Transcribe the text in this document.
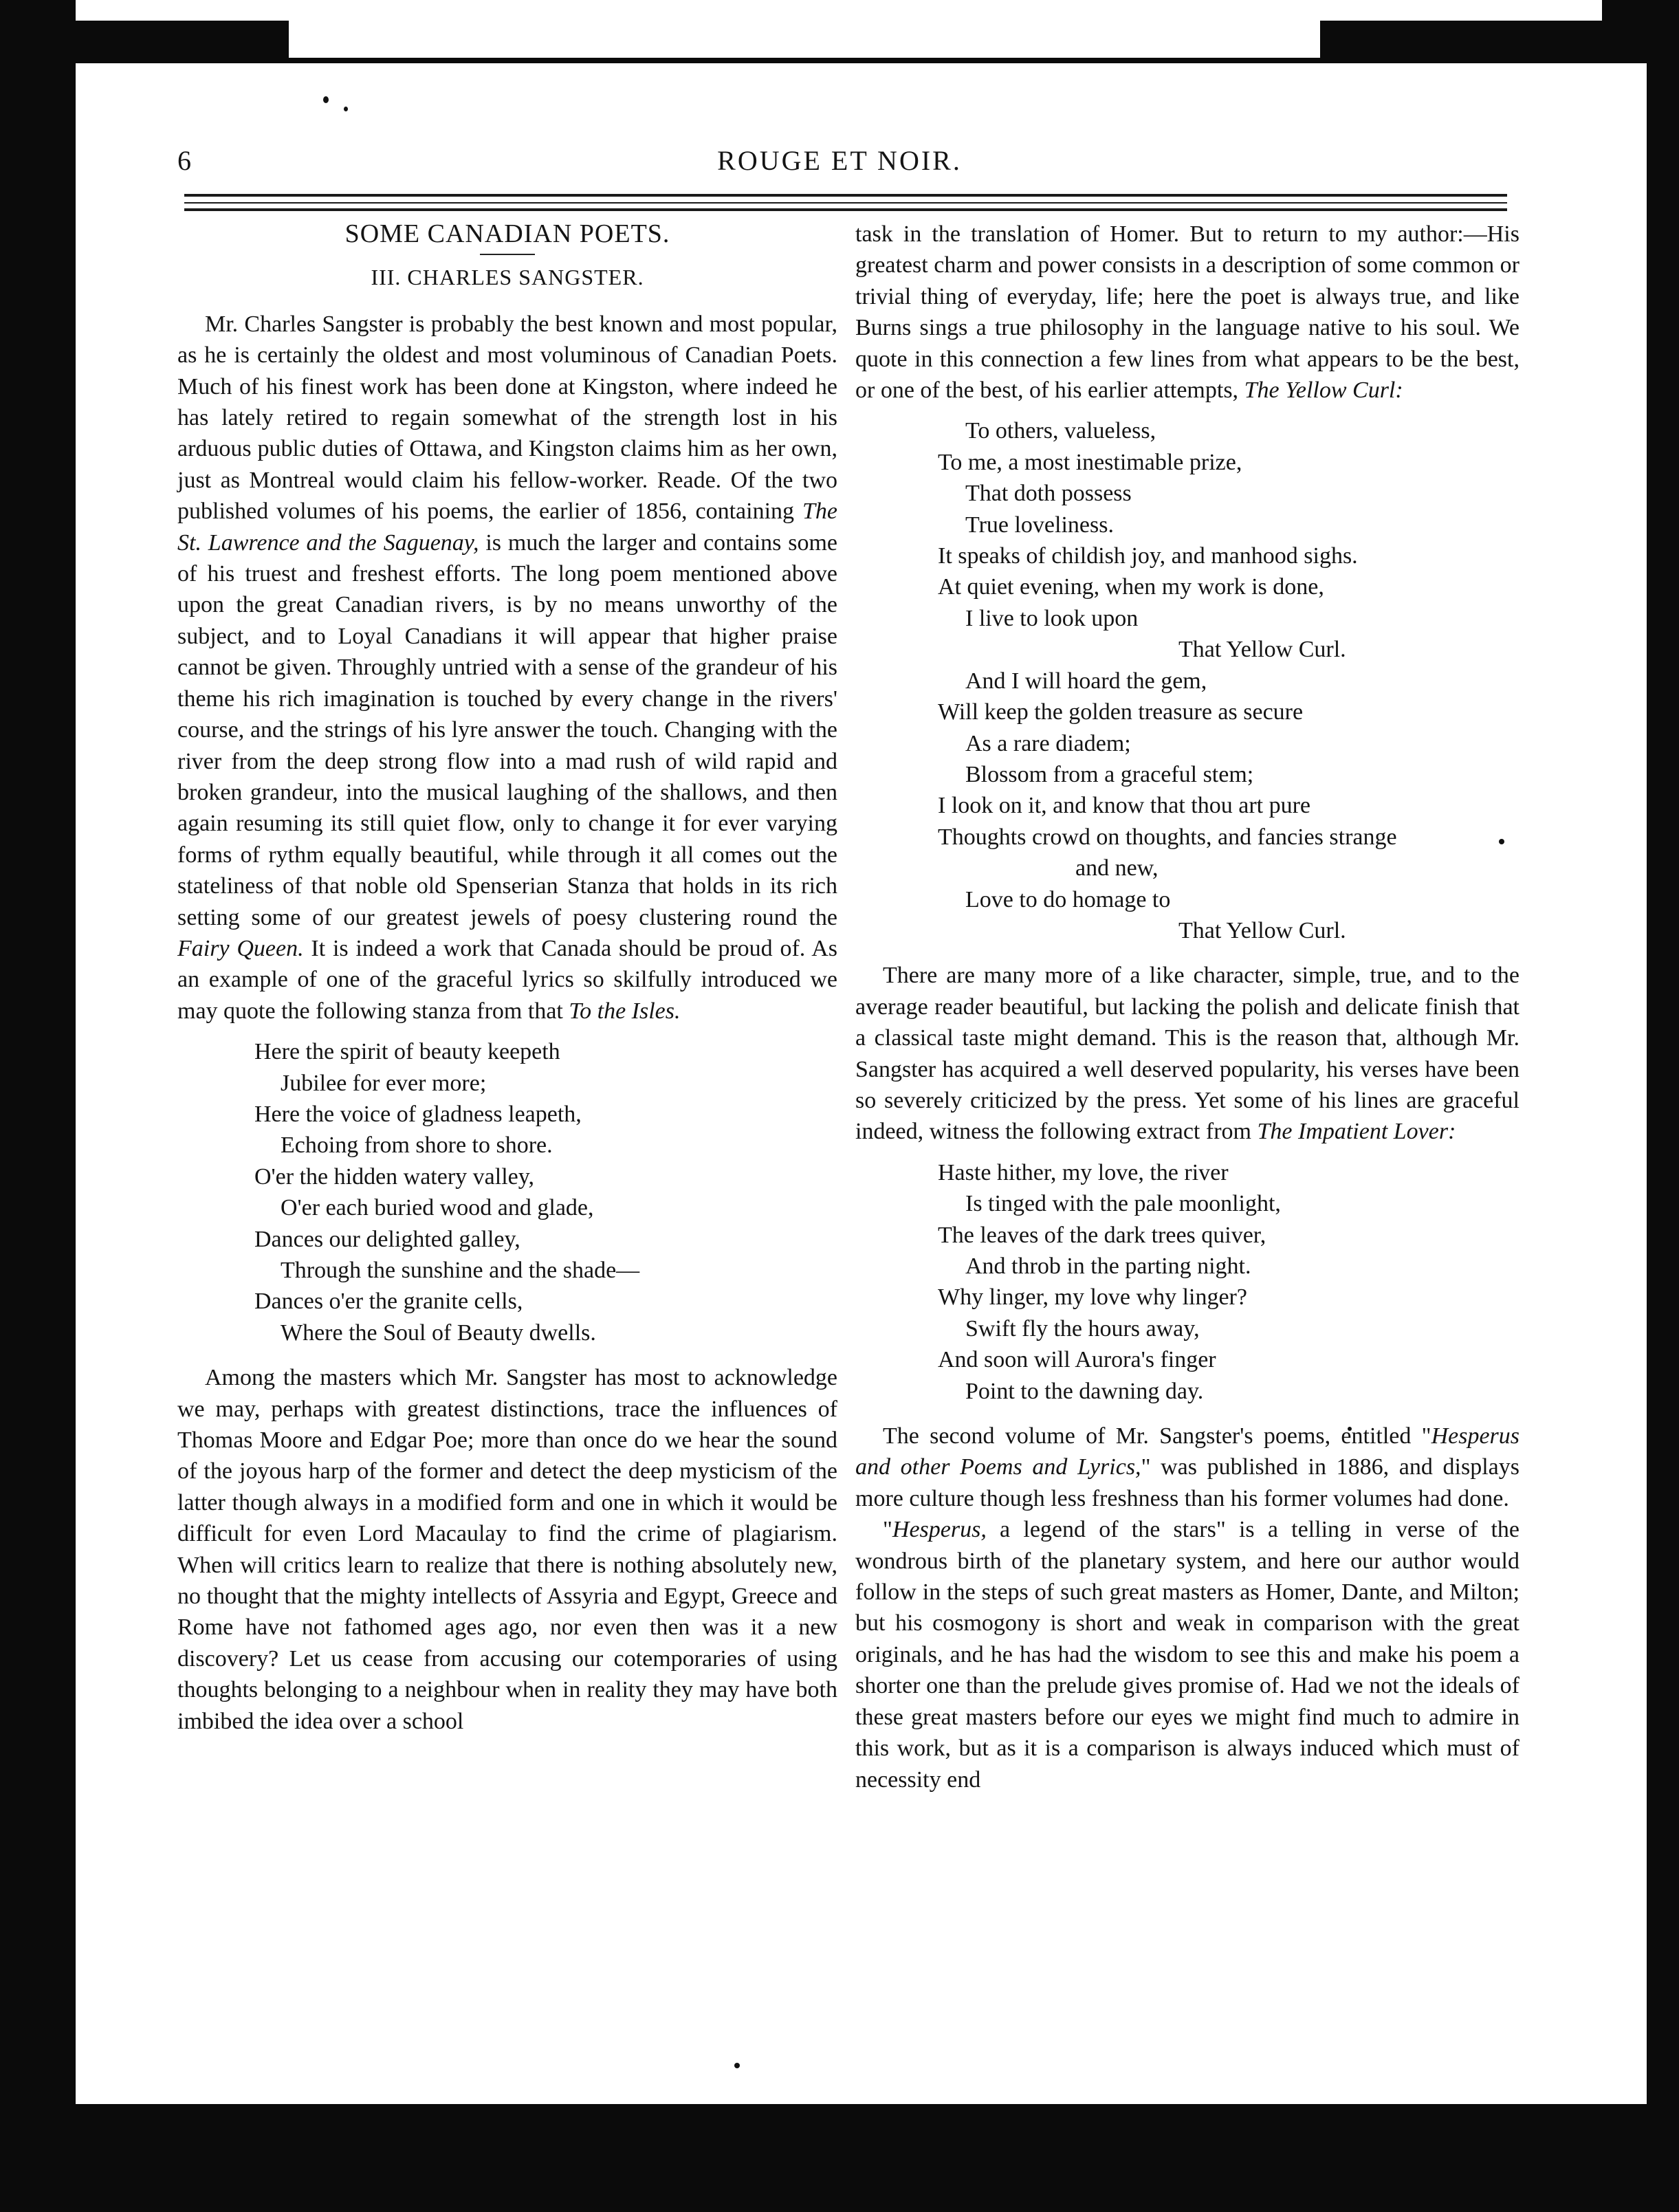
6	ROUGE ET NOIR.
SOME CANADIAN POETS.
III. CHARLES SANGSTER.

Mr. Charles Sangster is probably the best known and most popular, as he is certainly the oldest and most voluminous of Canadian Poets. Much of his finest work has been done at Kingston, where indeed he has lately retired to regain somewhat of the strength lost in his arduous public duties of Ottawa, and Kingston claims him as her own, just as Montreal would claim his fellow-worker. Reade. Of the two published volumes of his poems, the earlier of 1856, containing The St. Lawrence and the Saguenay, is much the larger and contains some of his truest and freshest efforts. The long poem mentioned above upon the great Canadian rivers, is by no means unworthy of the subject, and to Loyal Canadians it will appear that higher praise cannot be given. Throughly untried with a sense of the grandeur of his theme his rich imagination is touched by every change in the rivers' course, and the strings of his lyre answer the touch. Changing with the river from the deep strong flow into a mad rush of wild rapid and broken grandeur, into the musical laughing of the shallows, and then again resuming its still quiet flow, only to change it for ever varying forms of rythm equally beautiful, while through it all comes out the stateliness of that noble old Spenserian Stanza that holds in its rich setting some of our greatest jewels of poesy clustering round the Fairy Queen. It is indeed a work that Canada should be proud of. As an example of one of the graceful lyrics so skilfully introduced we may quote the following stanza from that To the Isles.

Here the spirit of beauty keepeth
Jubilee for ever more;
Here the voice of gladness leapeth,
Echoing from shore to shore.
O'er the hidden watery valley,
O'er each buried wood and glade,
Dances our delighted galley,
Through the sunshine and the shade—
Dances o'er the granite cells,
Where the Soul of Beauty dwells.

Among the masters which Mr. Sangster has most to acknowledge we may, perhaps with greatest distinctions, trace the influences of Thomas Moore and Edgar Poe; more than once do we hear the sound of the joyous harp of the former and detect the deep mysticism of the latter though always in a modified form and one in which it would be difficult for even Lord Macaulay to find the crime of plagiarism. When will critics learn to realize that there is nothing absolutely new, no thought that the mighty intellects of Assyria and Egypt, Greece and Rome have not fathomed ages ago, nor even then was it a new discovery? Let us cease from accusing our cotemporaries of using thoughts belonging to a neighbour when in reality they may have both imbibed the idea over a school

task in the translation of Homer. But to return to my author:—His greatest charm and power consists in a description of some common or trivial thing of everyday, life; here the poet is always true, and like Burns sings a true philosophy in the language native to his soul. We quote in this connection a few lines from what appears to be the best, or one of the best, of his earlier attempts, The Yellow Curl:

To others, valueless,
To me, a most inestimable prize,
That doth possess
True loveliness.
It speaks of childish joy, and manhood sighs.
At quiet evening, when my work is done,
I live to look upon
That Yellow Curl.
And I will hoard the gem,
Will keep the golden treasure as secure
As a rare diadem;
Blossom from a graceful stem;
I look on it, and know that thou art pure
Thoughts crowd on thoughts, and fancies strange
and new,
Love to do homage to
That Yellow Curl.

There are many more of a like character, simple, true, and to the average reader beautiful, but lacking the polish and delicate finish that a classical taste might demand. This is the reason that, although Mr. Sangster has acquired a well deserved popularity, his verses have been so severely criticized by the press. Yet some of his lines are graceful indeed, witness the following extract from The Impatient Lover:

Haste hither, my love, the river
Is tinged with the pale moonlight,
The leaves of the dark trees quiver,
And throb in the parting night.
Why linger, my love why linger?
Swift fly the hours away,
And soon will Aurora's finger
Point to the dawning day.

The second volume of Mr. Sangster's poems, entitled "Hesperus and other Poems and Lyrics," was published in 1886, and displays more culture though less freshness than his former volumes had done.

"Hesperus, a legend of the stars" is a telling in verse of the wondrous birth of the planetary system, and here our author would follow in the steps of such great masters as Homer, Dante, and Milton; but his cosmogony is short and weak in comparison with the great originals, and he has had the wisdom to see this and make his poem a shorter one than the prelude gives promise of. Had we not the ideals of these great masters before our eyes we might find much to admire in this work, but as it is a comparison is always induced which must of necessity end
